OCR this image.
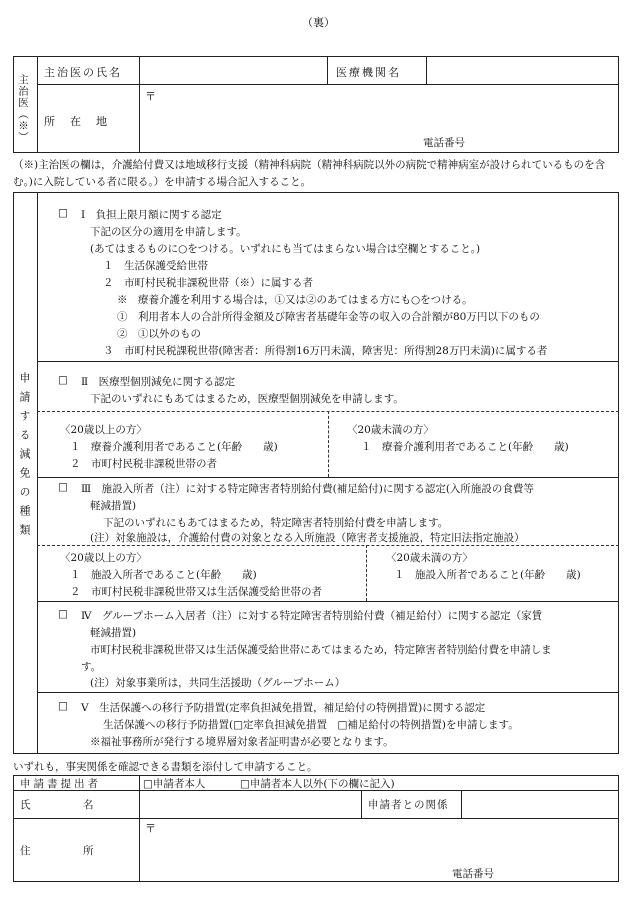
（裏）
主治医（※）
主治医の氏名	医療機関名
所　在　地
〒
電話番号
（※)主治医の欄は，介護給付費又は地域移行支援（精神科病院（精神科病院以外の病院で精神病室が設けられているものを含む。)に入院している者に限る。）を申請する場合記入すること。
申請する減免の種類
□ Ⅰ　負担上限月額に関する認定
下記の区分の適用を申請します。
(あてはまるものに○をつける。いずれにも当てはまらない場合は空欄とすること。)
１　生活保護受給世帯
２　市町村民税非課税世帯（※）に属する者
※　療養介護を利用する場合は，①又は②のあてはまる方にも○をつける。
①　利用者本人の合計所得金額及び障害者基礎年金等の収入の合計額が80万円以下のもの
②　①以外のもの
３　市町村民税課税世帯(障害者：所得割16万円未満，障害児：所得割28万円未満)に属する者
□ Ⅱ　医療型個別減免に関する認定
下記のいずれにもあてはまるため，医療型個別減免を申請します。
〈20歳以上の方〉
１　療養介護利用者であること(年齢　　歳)
２　市町村民税非課税世帯の者
〈20歳未満の方〉
１　療養介護利用者であること(年齢　　歳)
□ Ⅲ　施設入所者（注）に対する特定障害者特別給付費(補足給付)に関する認定(入所施設の食費等
軽減措置)
下記のいずれにもあてはまるため，特定障害者特別給付費を申請します。
(注）対象施設は，介護給付費の対象となる入所施設（障害者支援施設，特定旧法指定施設）
〈20歳以上の方〉
１　施設入所者であること(年齢　　歳)
２　市町村民税非課税世帯又は生活保護受給世帯の者
〈20歳未満の方〉
１　施設入所者であること(年齢　　歳)
□ Ⅳ　グループホーム入居者（注）に対する特定障害者特別給付費（補足給付）に関する認定（家賃
軽減措置)
市町村民税非課税世帯又は生活保護受給世帯にあてはまるため，特定障害者特別給付費を申請しま
す。
(注）対象事業所は，共同生活援助（グループホーム）
□ Ⅴ　生活保護への移行予防措置(定率負担減免措置，補足給付の特例措置)に関する認定
生活保護への移行予防措置(□定率負担減免措置　□補足給付の特例措置)を申請します。
※福祉事務所が発行する境界層対象者証明書が必要となります。
いずれも，事実関係を確認できる書類を添付して申請すること。
申請書提出者	□申請者本人	□申請者本人以外(下の欄に記入)
氏　　　　　名	申請者との関係
住　　　　　所
〒
電話番号
